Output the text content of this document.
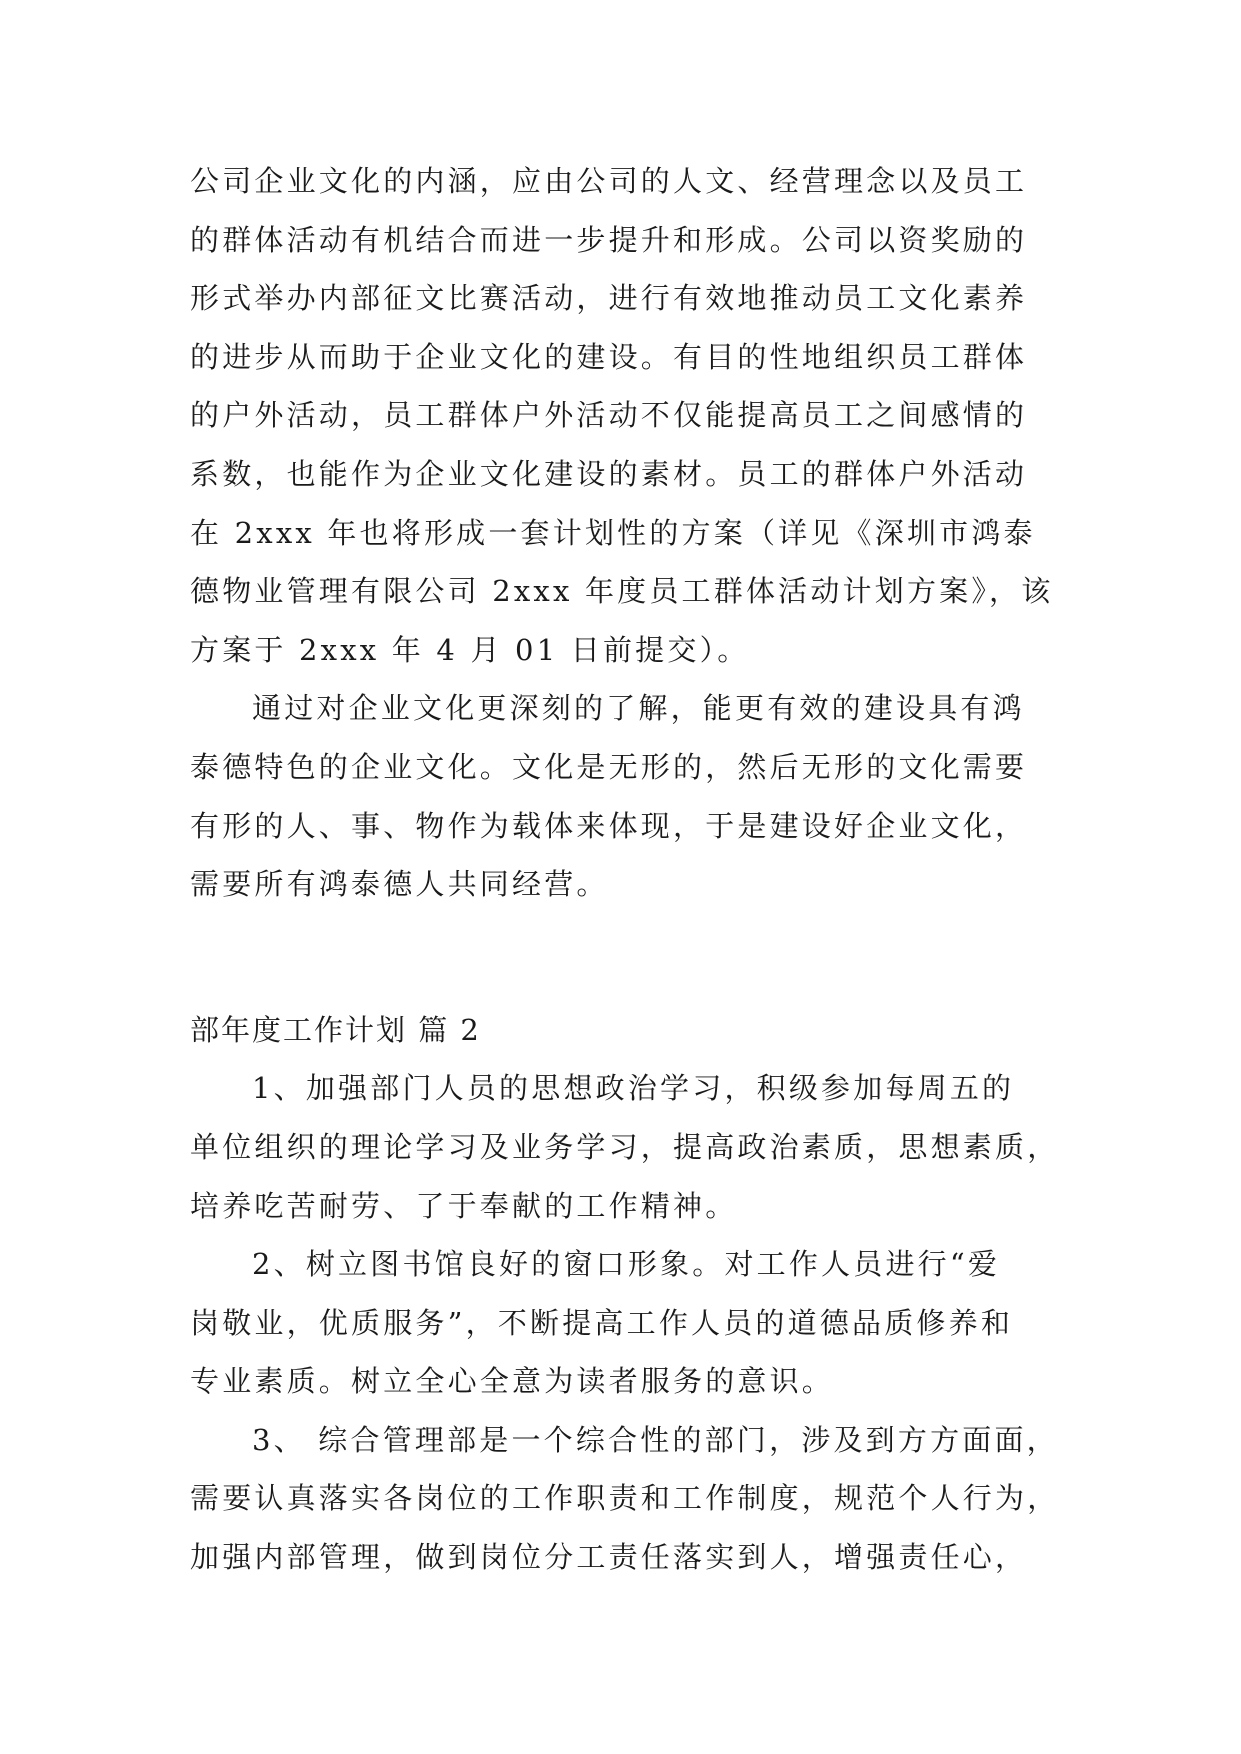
公司企业文化的内涵，应由公司的人文、经营理念以及员工
的群体活动有机结合而进一步提升和形成。公司以资奖励的
形式举办内部征文比赛活动，进行有效地推动员工文化素养
的进步从而助于企业文化的建设。有目的性地组织员工群体
的户外活动，员工群体户外活动不仅能提高员工之间感情的
系数，也能作为企业文化建设的素材。员工的群体户外活动
在 2xxx 年也将形成一套计划性的方案（详见《深圳市鸿泰
德物业管理有限公司 2xxx 年度员工群体活动计划方案》，该
方案于 2xxx 年 4 月 01 日前提交）。
通过对企业文化更深刻的了解，能更有效的建设具有鸿
泰德特色的企业文化。文化是无形的，然后无形的文化需要
有形的人、事、物作为载体来体现，于是建设好企业文化，
需要所有鸿泰德人共同经营。
部年度工作计划 篇 2
1、加强部门人员的思想政治学习，积级参加每周五的
单位组织的理论学习及业务学习，提高政治素质，思想素质，
培养吃苦耐劳、了于奉献的工作精神。
2、树立图书馆良好的窗口形象。对工作人员进行“爱
岗敬业，优质服务”，不断提高工作人员的道德品质修养和
专业素质。树立全心全意为读者服务的意识。
3、 综合管理部是一个综合性的部门，涉及到方方面面，
需要认真落实各岗位的工作职责和工作制度，规范个人行为，
加强内部管理，做到岗位分工责任落实到人，增强责任心，
